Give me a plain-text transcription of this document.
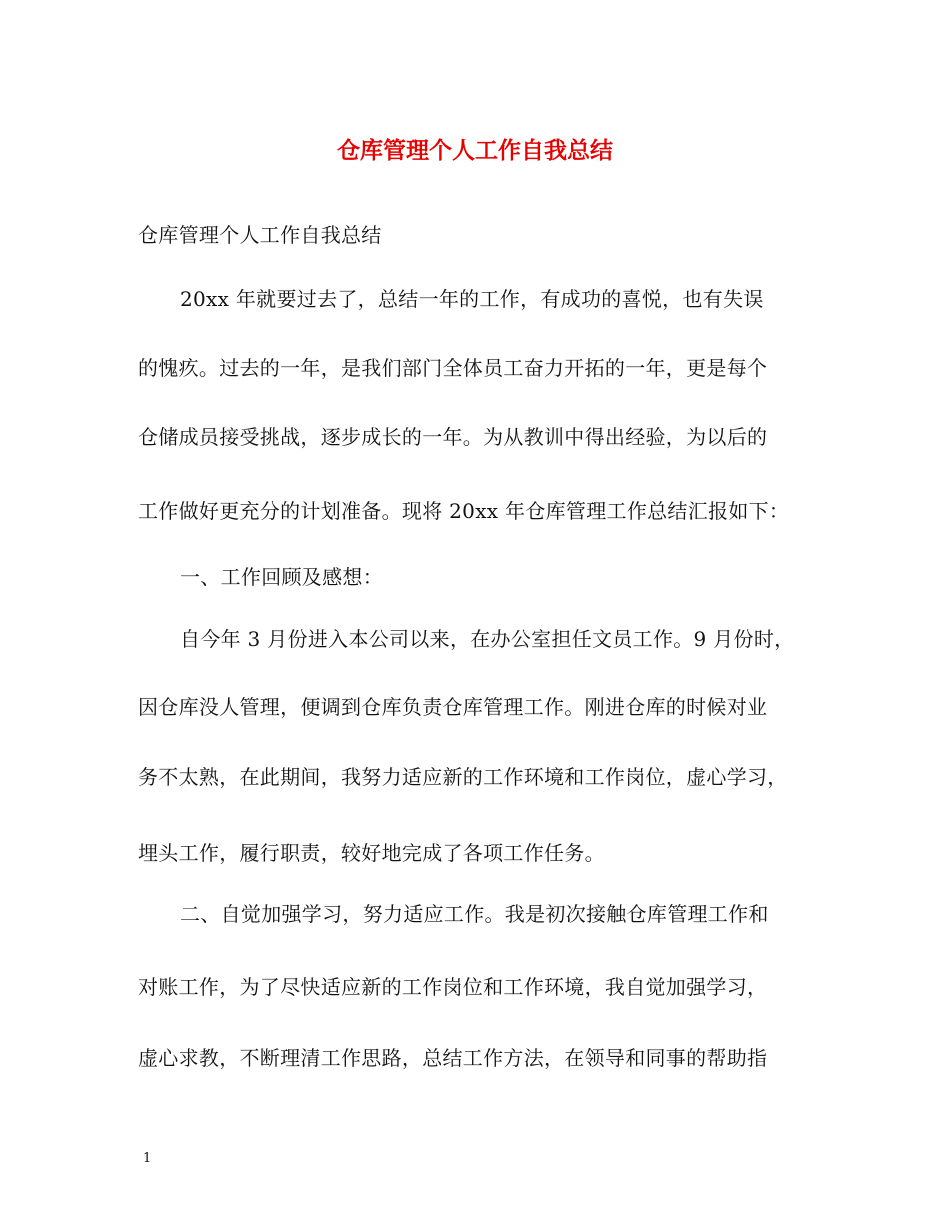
仓库管理个人工作自我总结
仓库管理个人工作自我总结
20xx 年就要过去了，总结一年的工作，有成功的喜悦，也有失误
的愧疚。过去的一年，是我们部门全体员工奋力开拓的一年，更是每个
仓储成员接受挑战，逐步成长的一年。为从教训中得出经验，为以后的
工作做好更充分的计划准备。现将 20xx 年仓库管理工作总结汇报如下：
一、工作回顾及感想：
自今年 3 月份进入本公司以来，在办公室担任文员工作。9 月份时，
因仓库没人管理，便调到仓库负责仓库管理工作。刚进仓库的时候对业
务不太熟，在此期间，我努力适应新的工作环境和工作岗位，虚心学习，
埋头工作，履行职责，较好地完成了各项工作任务。
二、自觉加强学习，努力适应工作。我是初次接触仓库管理工作和
对账工作，为了尽快适应新的工作岗位和工作环境，我自觉加强学习，
虚心求教，不断理清工作思路，总结工作方法，在领导和同事的帮助指
1
